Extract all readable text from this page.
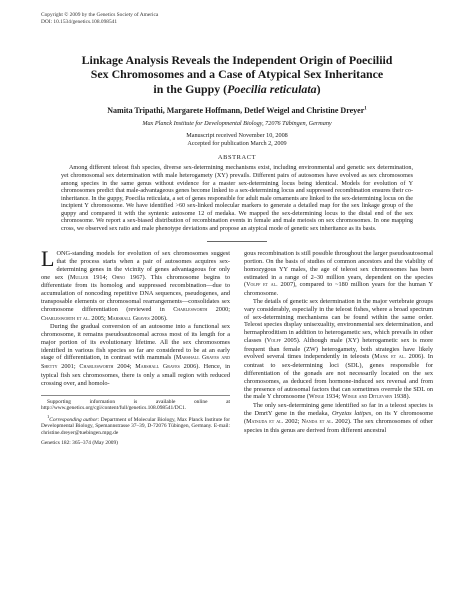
Copyright © 2009 by the Genetics Society of America
DOI: 10.1534/genetics.108.098541
Linkage Analysis Reveals the Independent Origin of Poeciliid
Sex Chromosomes and a Case of Atypical Sex Inheritance
in the Guppy (Poecilia reticulata)
Namita Tripathi, Margarete Hoffmann, Detlef Weigel and Christine Dreyer$^1$
Max Planck Institute for Developmental Biology, 72076 Tübingen, Germany
Manuscript received November 10, 2008
Accepted for publication March 2, 2009
ABSTRACT
Among different teleost fish species, diverse sex-determining mechanisms exist, including environmental and genetic sex determination, yet chromosomal sex determination with male heterogamety (XY) prevails. Different pairs of autosomes have evolved as sex chromosomes among species in the same genus without evidence for a master sex-determining locus being identical. Models for evolution of Y chromosomes predict that male-advantageous genes become linked to a sex-determining locus and suppressed recombination ensures their co-inheritance. In the guppy, Poecilia reticulata, a set of genes responsible for adult male ornaments are linked to the sex-determining locus on the incipient Y chromosome. We have identified >60 sex-linked molecular markers to generate a detailed map for the sex linkage group of the guppy and compared it with the syntenic autosome 12 of medaka. We mapped the sex-determining locus to the distal end of the sex chromosome. We report a sex-biased distribution of recombination events in female and male meiosis on sex chromosomes. In one mapping cross, we observed sex ratio and male phenotype deviations and propose an atypical mode of genetic sex inheritance as its basis.

LONG-standing models for evolution of sex chromosomes suggest that the process starts when a pair of autosomes acquires sex-determining genes in the vicinity of genes advantageous for only one sex (Muller 1914; Ohno 1967). This chromosome begins to differentiate from its homolog and suppressed recombination—due to accumulation of noncoding repetitive DNA sequences, pseudogenes, and transposable elements or chromosomal rearrangements—consolidates sex chromosome differentiation (reviewed in Charlesworth 2000; Charlesworth et al. 2005; Marshall Graves 2006).

During the gradual conversion of an autosome into a functional sex chromosome, it remains pseudoautosomal across most of its length for a major portion of its evolutionary lifetime. All the sex chromosomes identified in various fish species so far are considered to be at an early stage of differentiation, in contrast with mammals (Marshall Graves and Shetty 2001; Charlesworth 2004; Marshall Graves 2006). Hence, in typical fish sex chromosomes, there is only a small region with reduced crossing over, and homolo-

Supporting information is available online at http://www.genetics.org/cgi/content/full/genetics.108.098541/DC1.

$^1$Corresponding author: Department of Molecular Biology, Max Planck Institute for Developmental Biology, Spemannstrasse 37–39, D-72076 Tübingen, Germany. E-mail: christine.dreyer@tuebingen.mpg.de

Genetics 182: 365–374 (May 2009)

gous recombination is still possible throughout the larger pseudoautosomal portion. On the basis of studies of common ancestors and the viability of homozygous YY males, the age of teleost sex chromosomes has been estimated in a range of 2–30 million years, dependent on the species (Volff et al. 2007), compared to ~180 million years for the human Y chromosome.

The details of genetic sex determination in the major vertebrate groups vary considerably, especially in the teleost fishes, where a broad spectrum of sex-determining mechanisms can be found within the same order. Teleost species display unisexuality, environmental sex determination, and hermaphroditism in addition to heterogametic sex, which prevails in other classes (Volff 2005). Although male (XY) heterogametic sex is more frequent than female (ZW) heterogamety, both strategies have likely evolved several times independently in teleosts (Mank et al. 2006). In contrast to sex-determining loci (SDL), genes responsible for differentiation of the gonads are not necessarily located on the sex chromosomes, as deduced from hormone-induced sex reversal and from the presence of autosomal factors that can sometimes overrule the SDL on the male Y chromosome (Winge 1934; Winge and Ditlevsen 1938).

The only sex-determining gene identified so far in a teleost species is the DmrtY gene in the medaka, Oryzias latipes, on its Y chromosome (Matsuda et al. 2002; Nanda et al. 2002). The sex chromosomes of other species in this genus are derived from different ancestral
